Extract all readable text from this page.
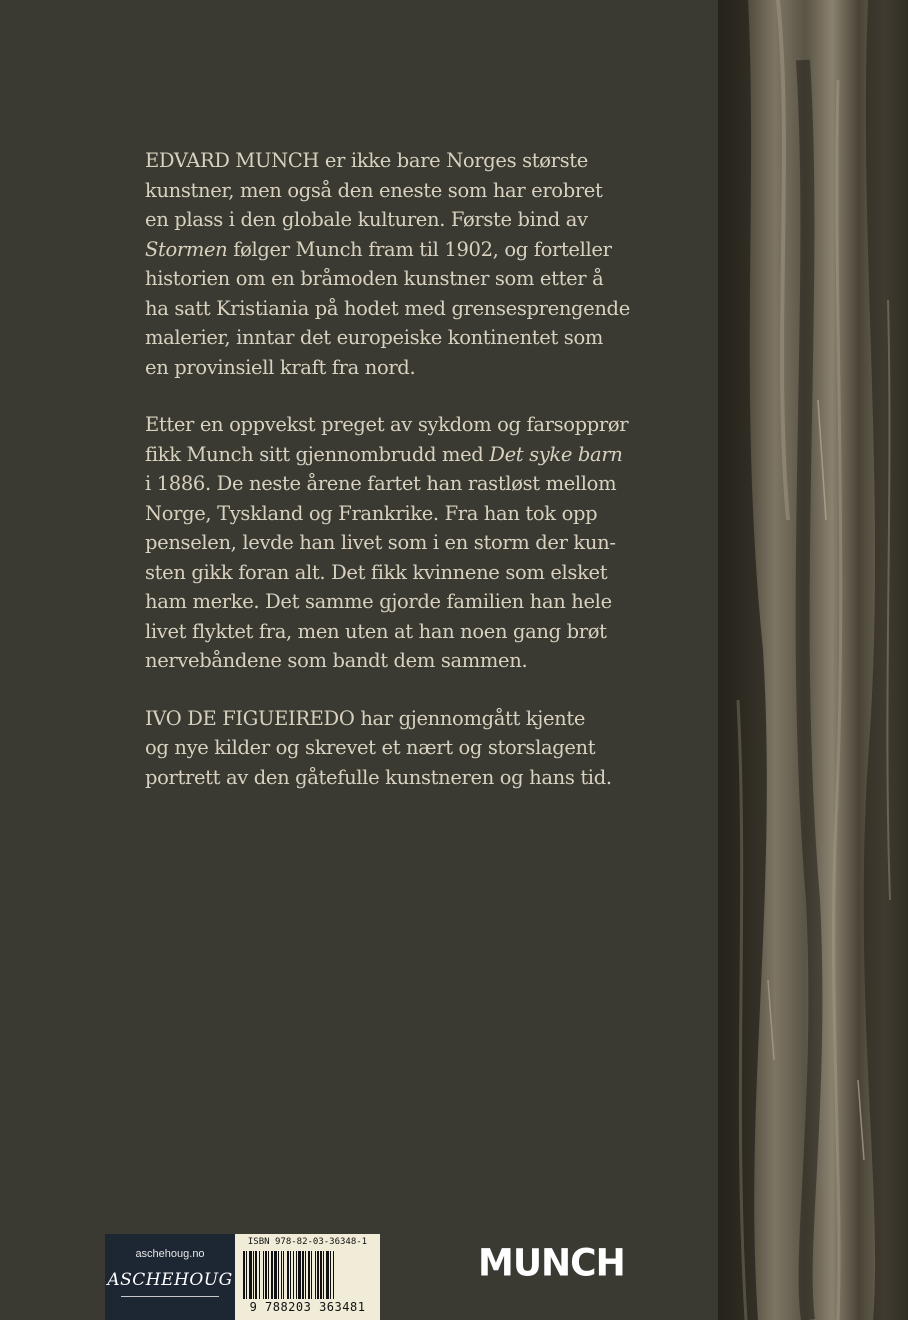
EDVARD MUNCH er ikke bare Norges største
kunstner, men også den eneste som har erobret
en plass i den globale kulturen. Første bind av
Stormen følger Munch fram til 1902, og forteller
historien om en bråmoden kunstner som etter å
ha satt Kristiania på hodet med grensesprengende
malerier, inntar det europeiske kontinentet som
en provinsiell kraft fra nord.

Etter en oppvekst preget av sykdom og farsopprør
fikk Munch sitt gjennombrudd med Det syke barn
i 1886. De neste årene fartet han rastløst mellom
Norge, Tyskland og Frankrike. Fra han tok opp
penselen, levde han livet som i en storm der kun-
sten gikk foran alt. Det fikk kvinnene som elsket
ham merke. Det samme gjorde familien han hele
livet flyktet fra, men uten at han noen gang brøt
nervebåndene som bandt dem sammen.

IVO DE FIGUEIREDO har gjennomgått kjente
og nye kilder og skrevet et nært og storslagent
portrett av den gåtefulle kunstneren og hans tid.

aschehoug.no
ASCHEHOUG
ISBN 978-82-03-36348-1
9 788203 363481
MUNCH
